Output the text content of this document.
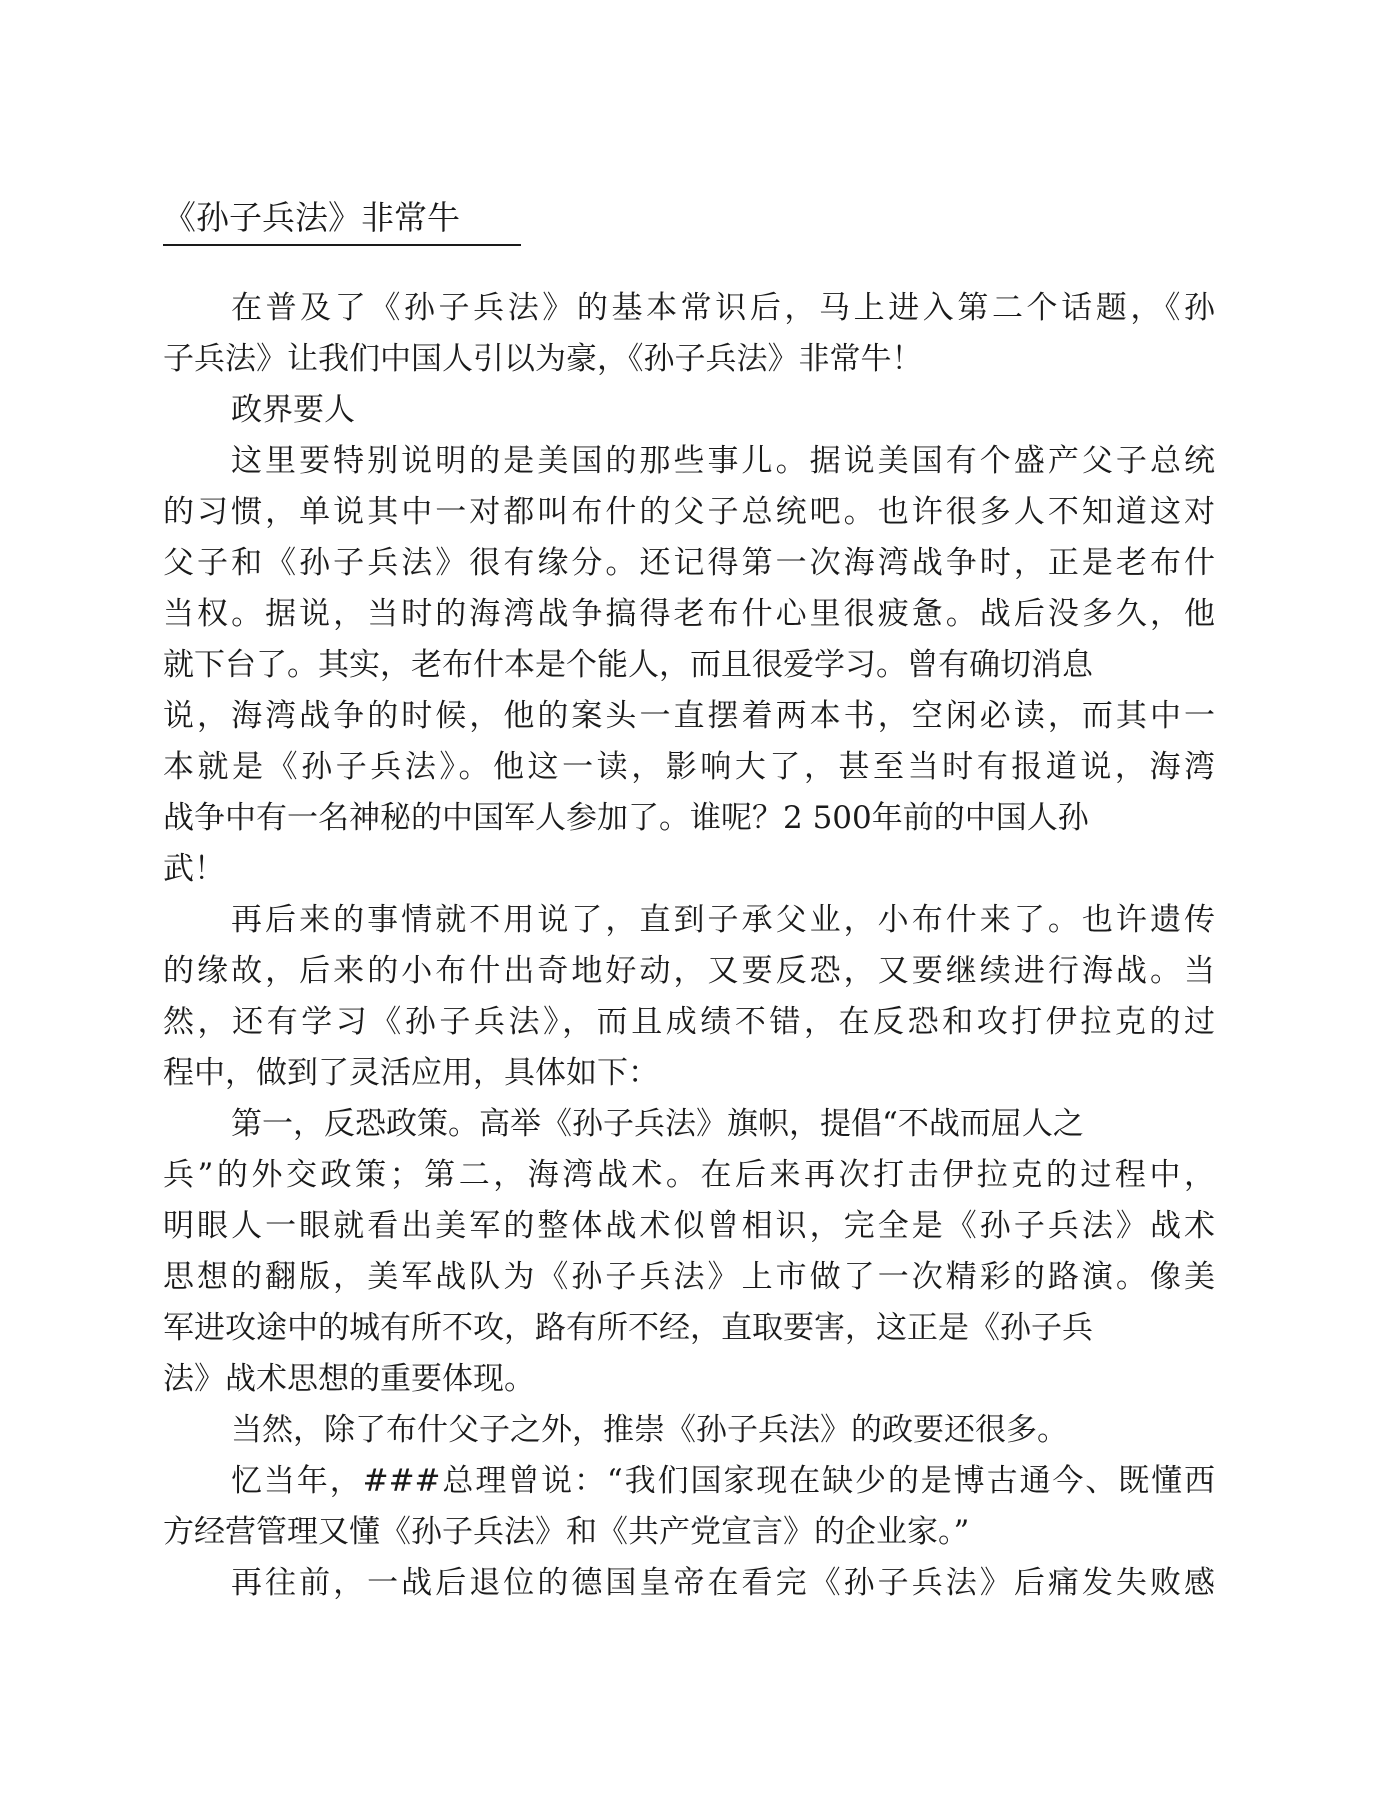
《孙子兵法》非常牛
在普及了《孙子兵法》的基本常识后，马上进入第二个话题，《孙
子兵法》让我们中国人引以为豪，《孙子兵法》非常牛！
政界要人
这里要特别说明的是美国的那些事儿。据说美国有个盛产父子总统
的习惯，单说其中一对都叫布什的父子总统吧。也许很多人不知道这对
父子和《孙子兵法》很有缘分。还记得第一次海湾战争时，正是老布什
当权。据说，当时的海湾战争搞得老布什心里很疲惫。战后没多久，他
就下台了。其实，老布什本是个能人，而且很爱学习。曾有确切消息
说，海湾战争的时候，他的案头一直摆着两本书，空闲必读，而其中一
本就是《孙子兵法》。他这一读，影响大了，甚至当时有报道说，海湾
战争中有一名神秘的中国军人参加了。谁呢？2 500年前的中国人孙
武！
再后来的事情就不用说了，直到子承父业，小布什来了。也许遗传
的缘故，后来的小布什出奇地好动，又要反恐，又要继续进行海战。当
然，还有学习《孙子兵法》，而且成绩不错，在反恐和攻打伊拉克的过
程中，做到了灵活应用，具体如下：
第一，反恐政策。高举《孙子兵法》旗帜，提倡“不战而屈人之
兵”的外交政策；第二，海湾战术。在后来再次打击伊拉克的过程中，
明眼人一眼就看出美军的整体战术似曾相识，完全是《孙子兵法》战术
思想的翻版，美军战队为《孙子兵法》上市做了一次精彩的路演。像美
军进攻途中的城有所不攻，路有所不经，直取要害，这正是《孙子兵
法》战术思想的重要体现。
当然，除了布什父子之外，推崇《孙子兵法》的政要还很多。
忆当年，###总理曾说：“我们国家现在缺少的是博古通今、既懂西
方经营管理又懂《孙子兵法》和《共产党宣言》的企业家。”
再往前，一战后退位的德国皇帝在看完《孙子兵法》后痛发失败感
